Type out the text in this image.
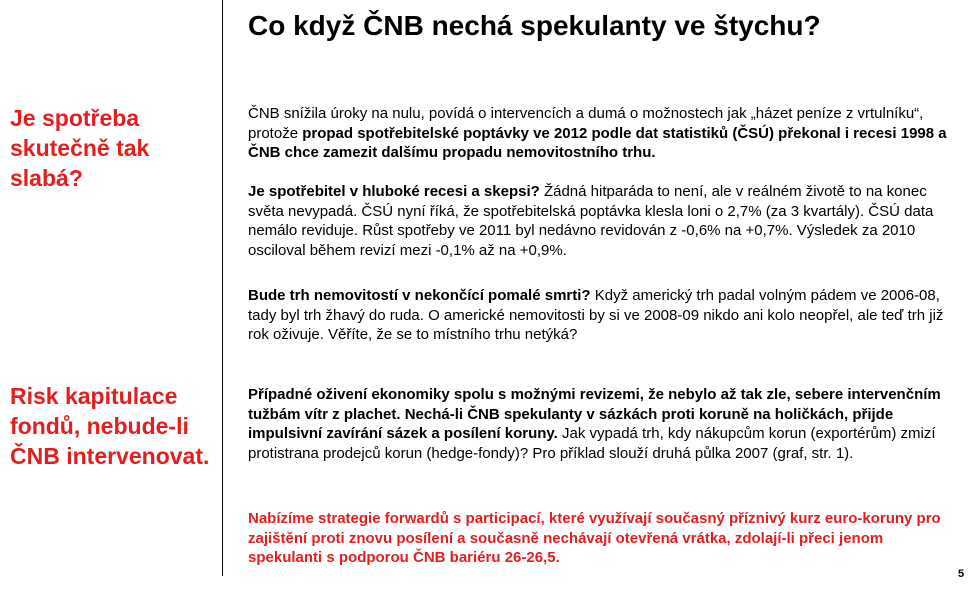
Je spotřeba skutečně tak slabá?
Risk kapitulace fondů, nebude-li ČNB intervenovat.
Co když ČNB nechá spekulanty ve štychu?

ČNB snížila úroky na nulu, povídá o intervencích a dumá o možnostech jak „házet peníze z vrtulníku“, protože propad spotřebitelské poptávky ve 2012 podle dat statistiků (ČSÚ) překonal i recesi 1998 a ČNB chce zamezit dalšímu propadu nemovitostního trhu.

Je spotřebitel v hluboké recesi a skepsi? Žádná hitparáda to není, ale v reálném životě to na konec světa nevypadá. ČSÚ nyní říká, že spotřebitelská poptávka klesla loni o 2,7% (za 3 kvartály). ČSÚ data nemálo reviduje. Růst spotřeby ve 2011 byl nedávno revidován z -0,6% na +0,7%. Výsledek za 2010 osciloval během revizí mezi -0,1% až na +0,9%.

Bude trh nemovitostí v nekončící pomalé smrti? Když americký trh padal volným pádem ve 2006-08, tady byl trh žhavý do ruda. O americké nemovitosti by si ve 2008-09 nikdo ani kolo neopřel, ale teď trh již rok oživuje. Věříte, že se to místního trhu netýká?

Případné oživení ekonomiky spolu s možnými revizemi, že nebylo až tak zle, sebere intervenčním tužbám vítr z plachet. Nechá-li ČNB spekulanty v sázkách proti koruně na holičkách, přijde impulsivní zavírání sázek a posílení koruny. Jak vypadá trh, kdy nákupcům korun (exportérům) zmizí protistrana prodejců korun (hedge-fondy)? Pro příklad slouží druhá půlka 2007 (graf, str. 1).

Nabízíme strategie forwardů s participací, které využívají současný příznivý kurz euro-koruny pro zajištění proti znovu posílení a současně nechávají otevřená vrátka, zdolají-li přeci jenom spekulanti s podporou ČNB bariéru 26-26,5.

5
